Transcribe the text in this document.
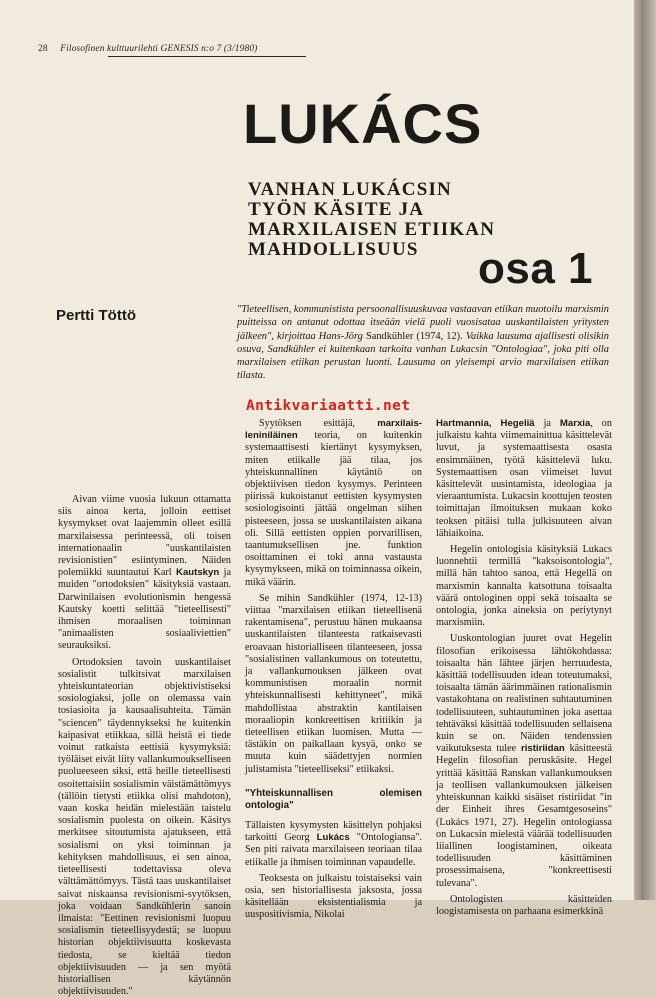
28 Filosofinen kulttuurilehti GENESIS n:o 7 (3/1980)
LUKÁCS
VANHAN LUKÁCSIN
TYÖN KÄSITE JA
MARXILAISEN ETIIKAN
MAHDOLLISUUS	osa 1
Pertti Töttö	"Tieteellisen, kommunistista persoonallisuuskuvaa vastaavan etiikan muotoilu marxismin puitteissa on antanut odottaa itseään vielä puoli vuosisataa uuskantilaisten yritysten jälkeen", kirjoittaa Hans-Jörg Sandkühler (1974, 12). Vaikka lausuma ajallisesti olisikin osuva, Sandkühler ei kuitenkaan tarkoita vanhan Lukacsin "Ontologiaa", joka piti olla marxilaisen etiikan perustan luonti. Lausuma on yleisempi arvio marxilaisen etiikan tilasta.
Antikvariaatti.net

Aivan viime vuosia lukuun ottamatta siis ainoa kerta, jolloin eettiset kysymykset ovat laajemmin olleet esillä marxilaisessa perinteessä, oli toisen internationaalin "uuskantilaisten revisionistien" esiintyminen. Näiden polemiikki suuntautui Karl Kautskyn ja muiden "ortodoksien" käsityksiä vastaan. Darwinilaisen evolutionismin hengessä Kautsky koetti selittää "tieteellisesti" ihmisen moraalisen toiminnan "animaalisten sosiaaliviettien" seurauksiksi.

Ortodoksien tavoin uuskantilaiset sosialistit tulkitsivat marxilaisen yhteiskuntateorian objektivistiseksi sosiologiaksi, jolle on olemassa vain tosiasioita ja kausaalisuhteita. Tämän "sciencen" täydennykseksi he kuitenkin kaipasivat etiikkaa, sillä heistä ei tiede voinut ratkaista eettisiä kysymyksiä: työläiset eivät liity vallankumoukselliseen puolueeseen siksi, että heille tieteellisesti osoitettaisiin sosialismin väistämättömyys (tällöin tietysti etiikka olisi mahdoton), vaan koska heidän mielestään taistelu sosialismin puolesta on oikein. Käsitys merkitsee sitoutumista ajatukseen, että sosialismi on yksi toiminnan ja kehityksen mahdollisuus, ei sen ainoa, tieteellisesti todettavissa oleva välttämättömyys. Tästä taas uuskantilaiset saivat niskaansa revisionismi-syytöksen, joka voidaan Sandkühlerin sanoin ilmaista: "Eettinen revisionismi luopuu sosialismin tieteellisyydestä; se luopuu historian objektiivisuutta koskevasta tiedosta, se kieltää tiedon objektiivisuuden — ja sen myötä historiallisen käytännön objektiivisuuden."

Syytöksen esittäjä, marxilais-leniniläinen teoria, on kuitenkin systemaattisesti kiertänyt kysymyksen, miten etiikalle jää tilaa, jos yhteiskunnallinen käytäntö on objektiivisen tiedon kysymys. Perinteen piirissä kukoistanut eettisten kysymysten sosiologisointi jättää ongelman siihen pisteeseen, jossa se uuskantilaisten aikana oli. Sillä eettisten oppien porvarillisen, taantumuksellisen jne. funktion osoittaminen ei toki anna vastausta kysymykseen, mikä on toiminnassa oikein, mikä väärin.

Se mihin Sandkühler (1974, 12-13) viittaa "marxilaisen etiikan tieteellisenä rakentamisena", perustuu hänen mukaansa uuskantilaisten tilanteesta ratkaisevasti eroavaan historialliseen tilanteeseen, jossa "sosialistinen vallankumous on toteutettu, ja vallankumouksen jälkeen ovat kommunistisen moraalin normit yhteiskunnallisesti kehittyneet", mikä mahdollistaa abstraktin kantilaisen moraaliopin konkreettisen kritiikin ja tieteellisen etiikan luomisen. Mutta — tästäkin on paikallaan kysyä, onko se muuta kuin säädettyjen normien julistamista "tieteelliseksi" etiikaksi.

"Yhteiskunnallisen olemisen ontologia"

Tällaisten kysymysten käsittelyn pohjaksi tarkoitti Georg Lukács "Ontologiansa". Sen piti raivata marxilaiseen teoriaan tilaa etiikalle ja ihmisen toiminnan vapaudelle.

Teoksesta on julkaistu toistaiseksi vain osia, sen historiallisesta jaksosta, jossa käsitellään eksistentialismia ja uuspositivismia, Nikolai

Hartmannia, Hegeliä ja Marxia, on julkaistu kahta viimemainittua käsittelevät luvut, ja systemaattisesta osasta ensimmäinen, työtä käsittelevä luku. Systemaattisen osan viimeiset luvut käsittelevät uusintamista, ideologiaa ja vieraantumista. Lukacsin koottujen teosten toimittajan ilmoituksen mukaan koko teoksen pitäisi tulla julkisuuteen aivan lähiaikoina.

Hegelin ontologisia käsityksiä Lukacs luonnehtii termillä "kaksoisontologia", millä hän tahtoo sanoa, että Hegellä on marxismin kannalta katsottuna toisaalta väärä ontologinen oppi sekä toisaalta se ontologia, jonka aineksia on periytynyt marxismiin.

Uuskontologian juuret ovat Hegelin filosofian erikoisessa lähtökohdassa: toisaalta hän lähtee järjen herruudesta, käsittää todellisuuden idean toteutumaksi, toisaalta tämän äärimmäinen rationalismin vastakohtana on realistinen suhtautuminen todellisuuteen, suhtautuminen joka asettaa tehtäväksi käsittää todellisuuden sellaisena kuin se on. Näiden tendenssien vaikutuksesta tulee ristiriidan käsitteestä Hegelin filosofian peruskäsite. Hegel yrittää käsittää Ranskan vallankumouksen ja teollisen vallankumouksen jälkeisen yhteiskunnan kaikki sisäiset ristiriidat "in der Einheit ihres Gesamtgesoseins" (Lukács 1971, 27). Hegelin ontologiassa on Lukacsin mielestä väärää todellisuuden liiallinen loogistaminen, oikeata todellisuuden käsittäminen prosessimaisena, "konkreettisesti tulevana".

Ontologisten käsitteiden loogistamisesta on parhaana esimerkkinä
